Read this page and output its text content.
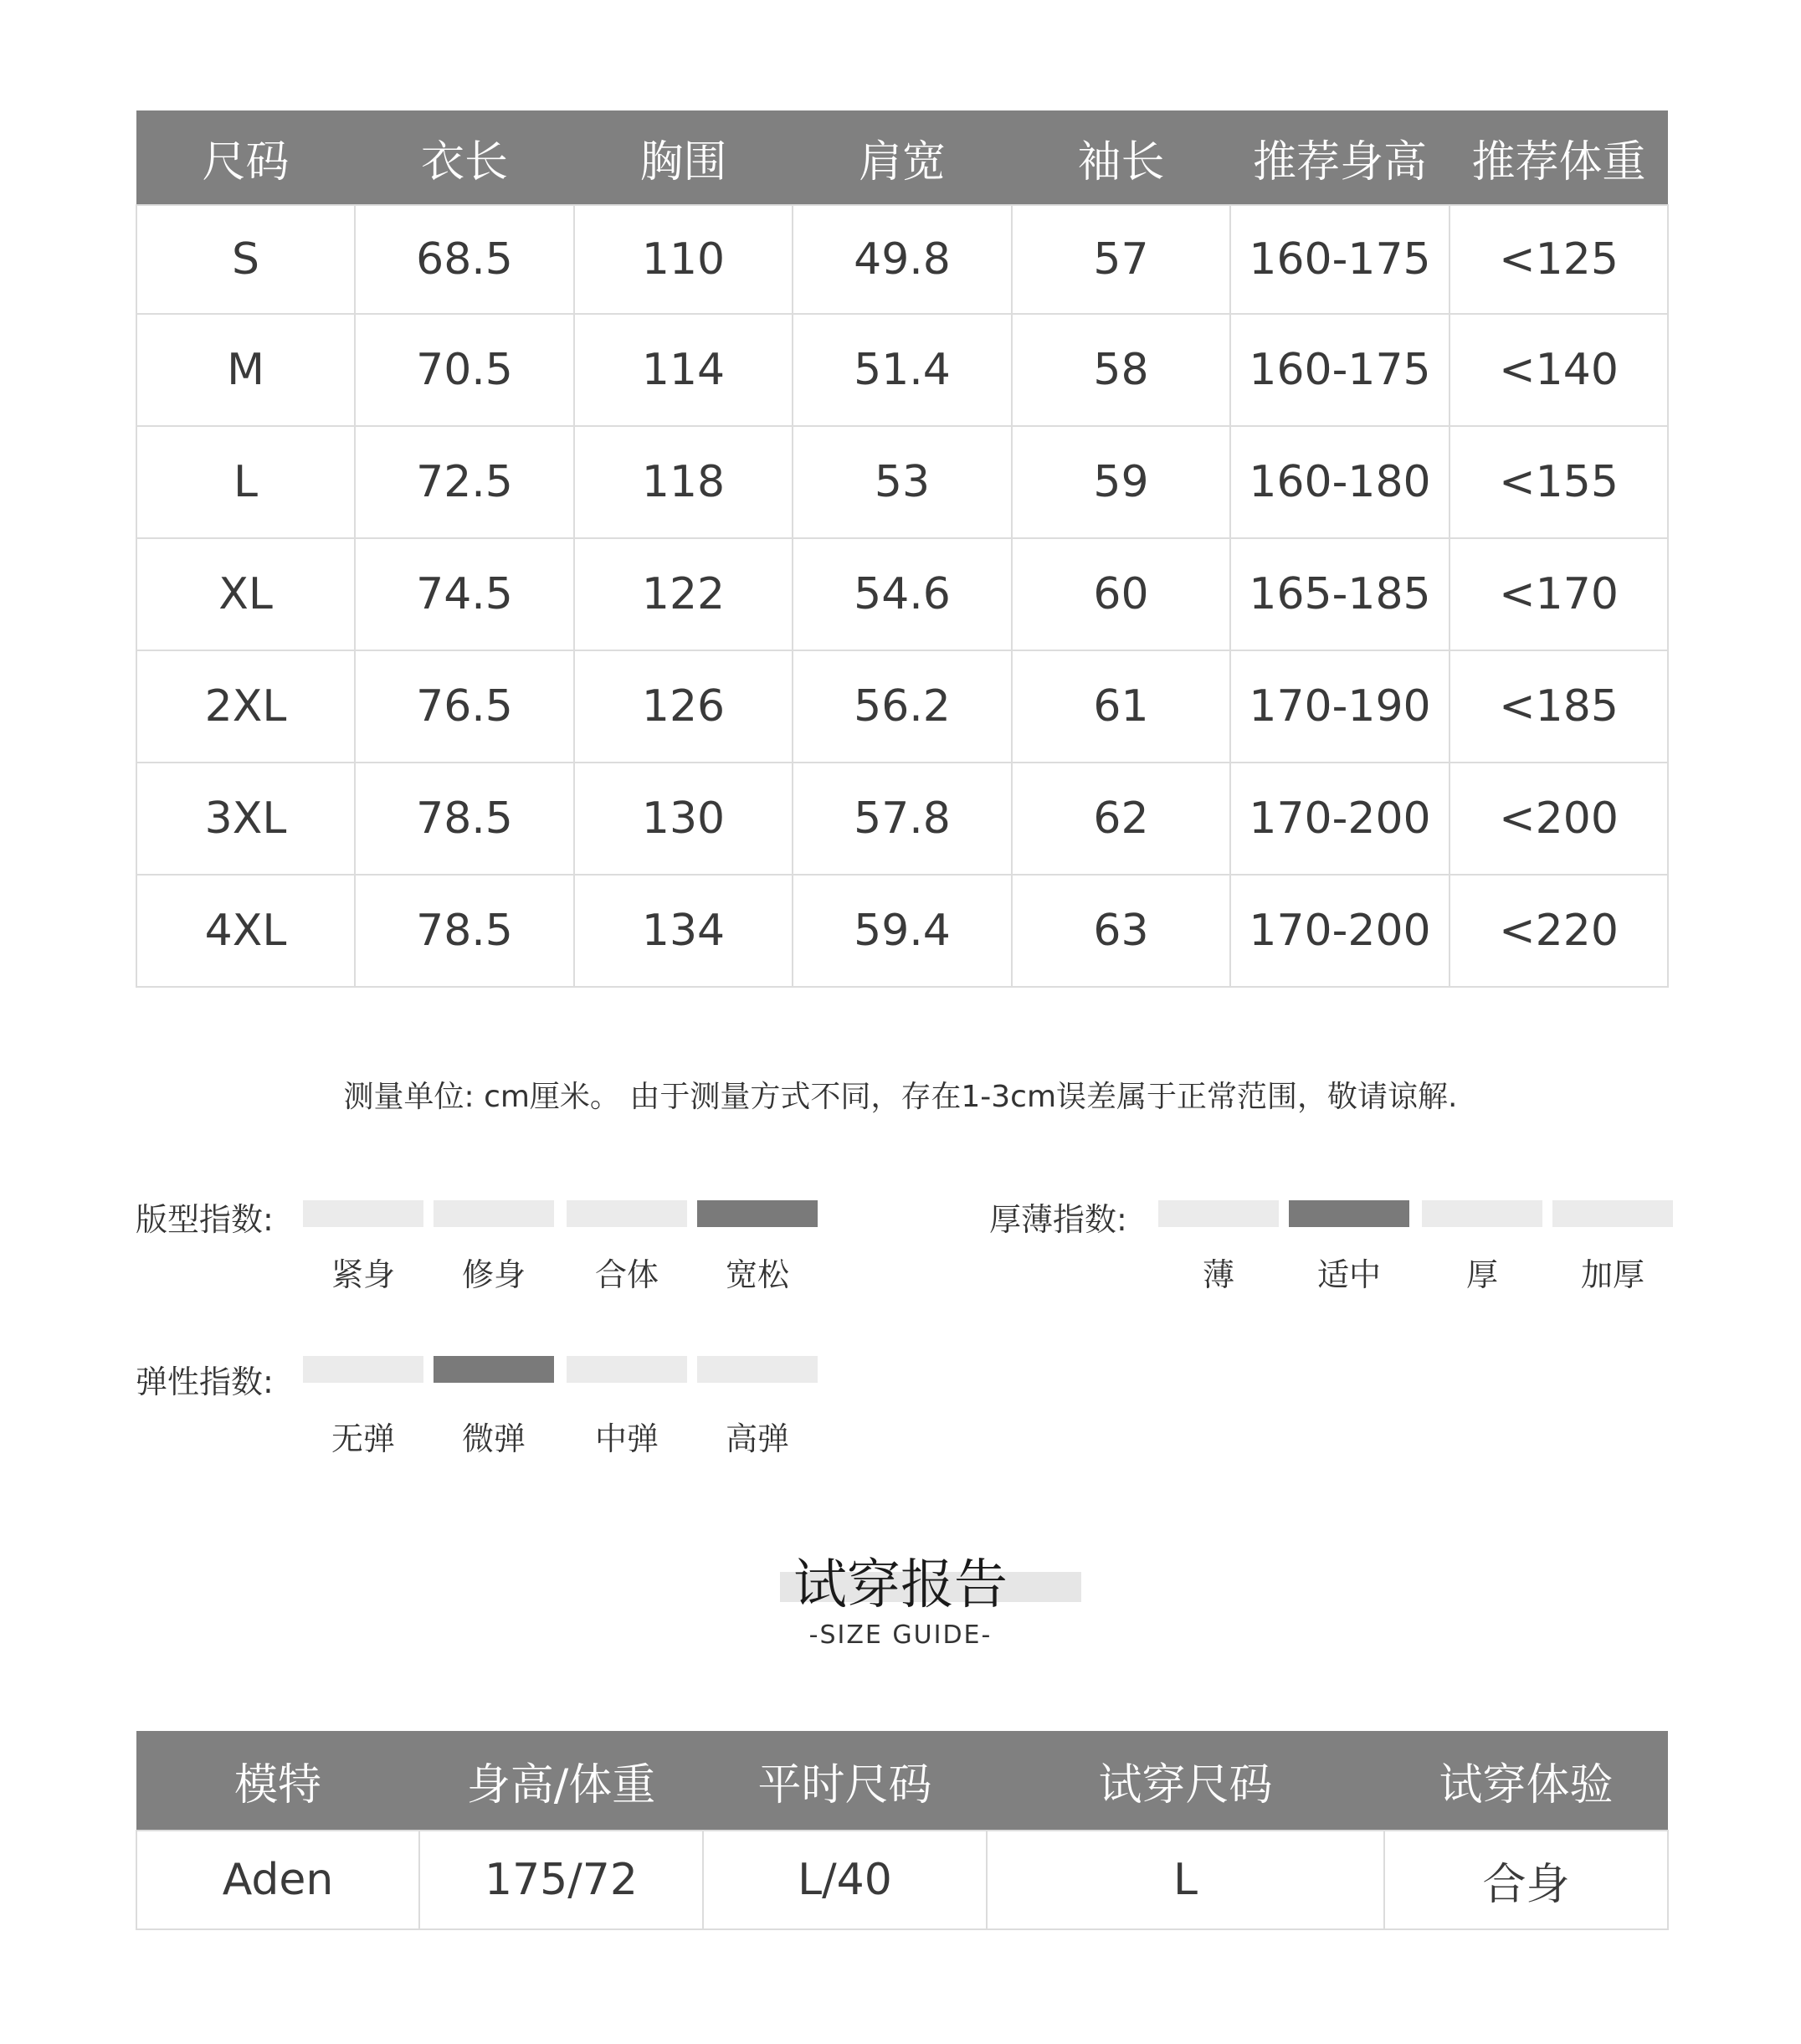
尺码	衣长	胸围	肩宽	袖长	推荐身高	推荐体重
S	68.5	110	49.8	57	160-175	<125
M	70.5	114	51.4	58	160-175	<140
L	72.5	118	53	59	160-180	<155
XL	74.5	122	54.6	60	165-185	<170
2XL	76.5	126	56.2	61	170-190	<185
3XL	78.5	130	57.8	62	170-200	<200
4XL	78.5	134	59.4	63	170-200	<220
测量单位: cm厘米。 由于测量方式不同，存在1-3cm误差属于正常范围，敬请谅解.
版型指数:
紧身	修身	合体	宽松
厚薄指数:
薄	适中	厚	加厚
弹性指数:
无弹	微弹	中弹	高弹
试穿报告
-SIZE GUIDE-
模特	身高/体重	平时尺码	试穿尺码	试穿体验
Aden	175/72	L/40	L	合身
